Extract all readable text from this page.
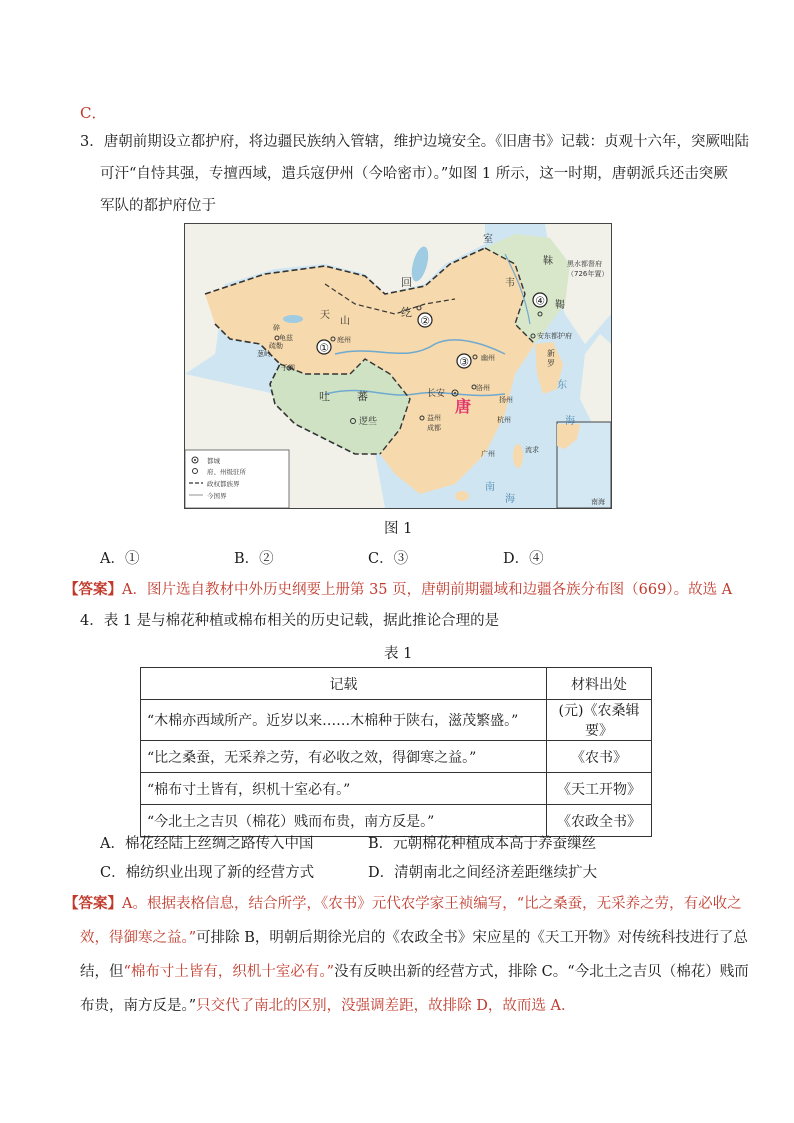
C．
3．唐朝前期设立都护府，将边疆民族纳入管辖，维护边境安全。《旧唐书》记载：贞观十六年，突厥咄陆
可汗“自恃其强，专擅西域，遣兵寇伊州（今哈密市）。”如图 1 所示，这一时期，唐朝派兵还击突厥
军队的都护府位于
南海
都城
府、州级驻所
政权都族界
今国界
室
靺
韦
鞨
黑水都督府
（726年置）
回
纥
天
山
龟兹
碎
疏勒
葱岭
于阗
庭州
幽州
安东都护府
新
罗
长安
洛州
扬州
唐
益州
成都
杭州
广州	流求
吐 蕃
逻些
东
海
南
海
①
②
③
④
图 1
A．①	B．②	C．③	D．④
【答案】A．图片选自教材中外历史纲要上册第 35 页，唐朝前期疆域和边疆各族分布图（669）。故选 A
4．表 1 是与棉花种植或棉布相关的历史记载，据此推论合理的是
表 1
记载	材料出处
“木棉亦西域所产。近岁以来……木棉种于陕右，滋茂繁盛。”	(元)《农桑辑要》
“比之桑蚕，无采养之劳，有必收之效，得御寒之益。”	《农书》
“棉布寸土皆有，织机十室必有。”	《天工开物》
“今北土之吉贝（棉花）贱而布贵，南方反是。”	《农政全书》
A．棉花经陆上丝绸之路传入中国	B．元朝棉花种植成本高于养蚕缫丝
C．棉纺织业出现了新的经营方式	D．清朝南北之间经济差距继续扩大
【答案】A。根据表格信息，结合所学，《农书》元代农学家王祯编写，“比之桑蚕，无采养之劳，有必收之
效，得御寒之益。”可排除 B，明朝后期徐光启的《农政全书》宋应星的《天工开物》对传统科技进行了总
结，但“棉布寸土皆有，织机十室必有。”没有反映出新的经营方式，排除 C。“今北土之吉贝（棉花）贱而
布贵，南方反是。”只交代了南北的区别，没强调差距，故排除 D，故而选 A．
